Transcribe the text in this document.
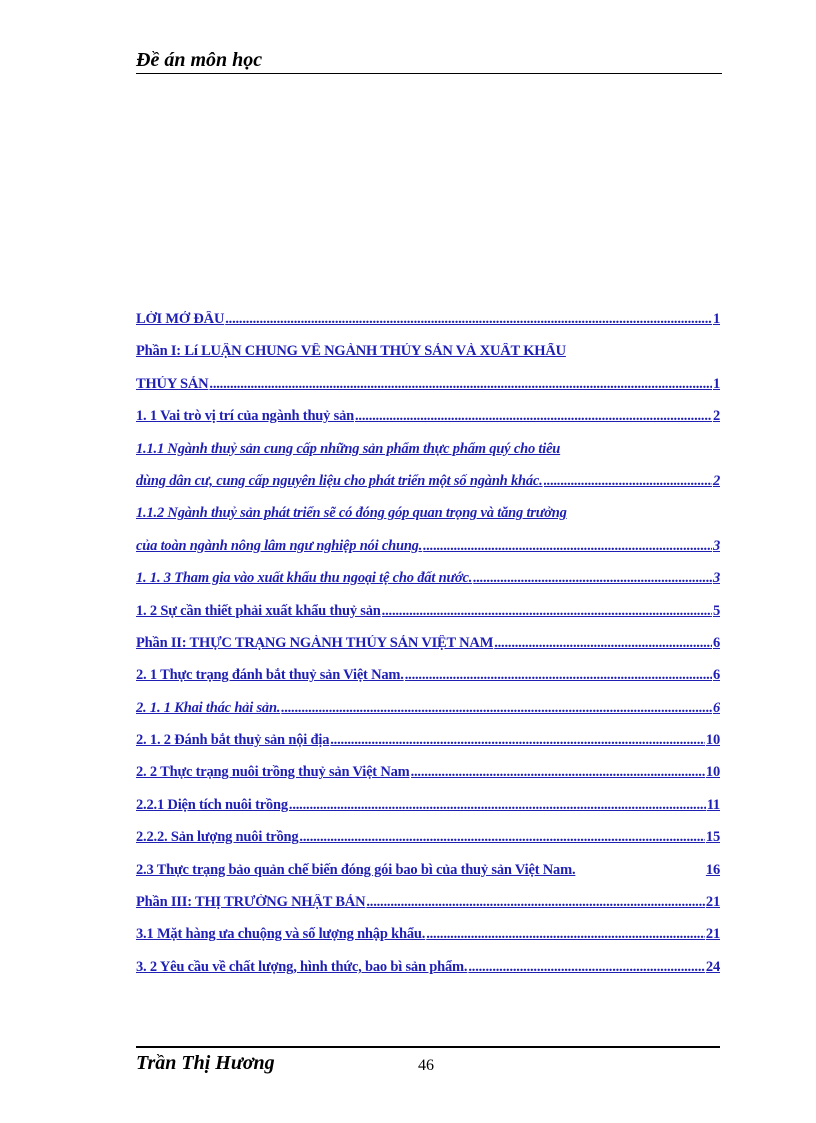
Đề án môn học
LỜI MỞ ĐẦU .....	1
Phần I: Lí LUẬN CHUNG VỀ NGÀNH THỦY SẢN VÀ XUẤT KHẨU
THỦY SẢN .....	1
1. 1 Vai trò vị trí của ngành thuỷ sản .....	2
1.1.1 Ngành thuỷ sản cung cấp những sản phẩm thực phẩm quý cho tiêu
dùng dân cư, cung cấp nguyên liệu cho phát triển một số ngành khác. .....	2
1.1.2 Ngành thuỷ sản phát triển sẽ có đóng góp quan trọng và tăng trưởng
của toàn ngành nông lâm ngư nghiệp nói chung. .....	3
1. 1. 3 Tham gia vào xuất khẩu thu ngoại tệ cho đất nước. .....	3
1. 2 Sự cần thiết phải xuất khẩu thuỷ sản .....	5
Phần II: THỰC TRẠNG NGÀNH THỦY SẢN VIỆT NAM .....	6
2. 1 Thực trạng đánh bắt thuỷ sản Việt Nam. .....	6
2. 1. 1 Khai thác hải sản. .....	6
2. 1. 2 Đánh bắt thuỷ sản nội địa .....	10
2. 2 Thực trạng nuôi trồng thuỷ sản Việt Nam .....	10
2.2.1 Diện tích nuôi trồng .....	11
2.2.2. Sản lượng nuôi trồng .....	15
2.3 Thực trạng bảo quản chế biến đóng gói bao bì của thuỷ sản Việt Nam.	16
Phần III: THỊ TRƯỜNG NHẬT BẢN .....	21
3.1 Mặt hàng ưa chuộng và số lượng nhập khẩu. .....	21
3. 2 Yêu cầu về chất lượng, hình thức, bao bì sản phẩm. .....	24
Trần Thị Hương	46
